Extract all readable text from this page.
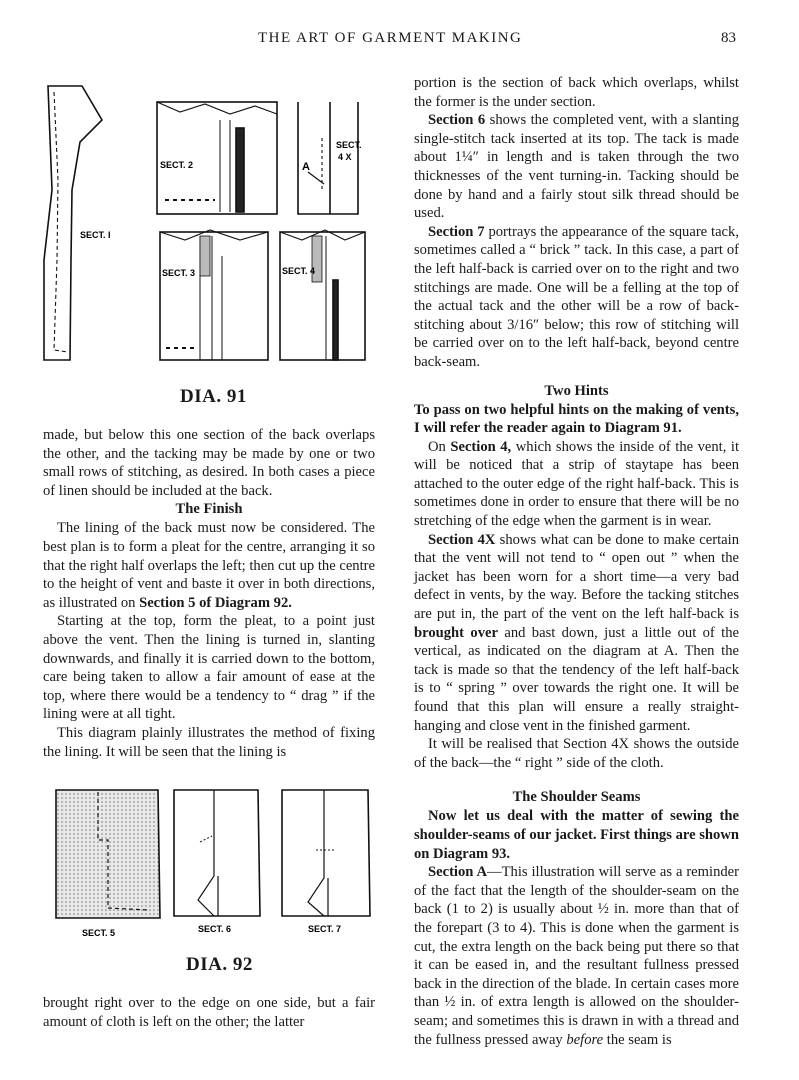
THE ART OF GARMENT MAKING	83
SECT. I
SECT. 2
SECT. 3	SECT. 4
SECT.
4 X
A
DIA. 91

made, but below this one section of the back overlaps the other, and the tacking may be made by one or two small rows of stitching, as desired. In both cases a piece of linen should be included at the back.

The Finish

The lining of the back must now be considered. The best plan is to form a pleat for the centre, arranging it so that the right half overlaps the left; then cut up the centre to the height of vent and baste it over in both directions, as illustrated on Section 5 of Diagram 92.

Starting at the top, form the pleat, to a point just above the vent. Then the lining is turned in, slanting downwards, and finally it is carried down to the bottom, care being taken to allow a fair amount of ease at the top, where there would be a tendency to “ drag ” if the lining were at all tight.

This diagram plainly illustrates the method of fixing the lining. It will be seen that the lining is

SECT. 5	SECT. 6	SECT. 7
DIA. 92

brought right over to the edge on one side, but a fair amount of cloth is left on the other; the latter

portion is the section of back which overlaps, whilst the former is the under section.

Section 6 shows the completed vent, with a slanting single-stitch tack inserted at its top. The tack is made about 1¼″ in length and is taken through the two thicknesses of the vent turning-in. Tacking should be done by hand and a fairly stout silk thread should be used.

Section 7 portrays the appearance of the square tack, sometimes called a “ brick ” tack. In this case, a part of the left half-back is carried over on to the right and two stitchings are made. One will be a felling at the top of the actual tack and the other will be a row of back-stitching about 3/16″ below; this row of stitching will be carried over on to the left half-back, beyond centre back-seam.

Two Hints

To pass on two helpful hints on the making of vents, I will refer the reader again to Diagram 91.

On Section 4, which shows the inside of the vent, it will be noticed that a strip of staytape has been attached to the outer edge of the right half-back. This is sometimes done in order to ensure that there will be no stretching of the edge when the garment is in wear.

Section 4X shows what can be done to make certain that the vent will not tend to “ open out ” when the jacket has been worn for a short time—a very bad defect in vents, by the way. Before the tacking stitches are put in, the part of the vent on the left half-back is brought over and bast down, just a little out of the vertical, as indicated on the diagram at A. Then the tack is made so that the tendency of the left half-back is to “ spring ” over towards the right one. It will be found that this plan will ensure a really straight-hanging and close vent in the finished garment.

It will be realised that Section 4X shows the outside of the back—the “ right ” side of the cloth.

The Shoulder Seams

Now let us deal with the matter of sewing the shoulder-seams of our jacket. First things are shown on Diagram 93.

Section A—This illustration will serve as a reminder of the fact that the length of the shoulder-seam on the back (1 to 2) is usually about ½ in. more than that of the forepart (3 to 4). This is done when the garment is cut, the extra length on the back being put there so that it can be eased in, and the resultant fullness pressed back in the direction of the blade. In certain cases more than ½ in. of extra length is allowed on the shoulder-seam; and sometimes this is drawn in with a thread and the fullness pressed away before the seam is
